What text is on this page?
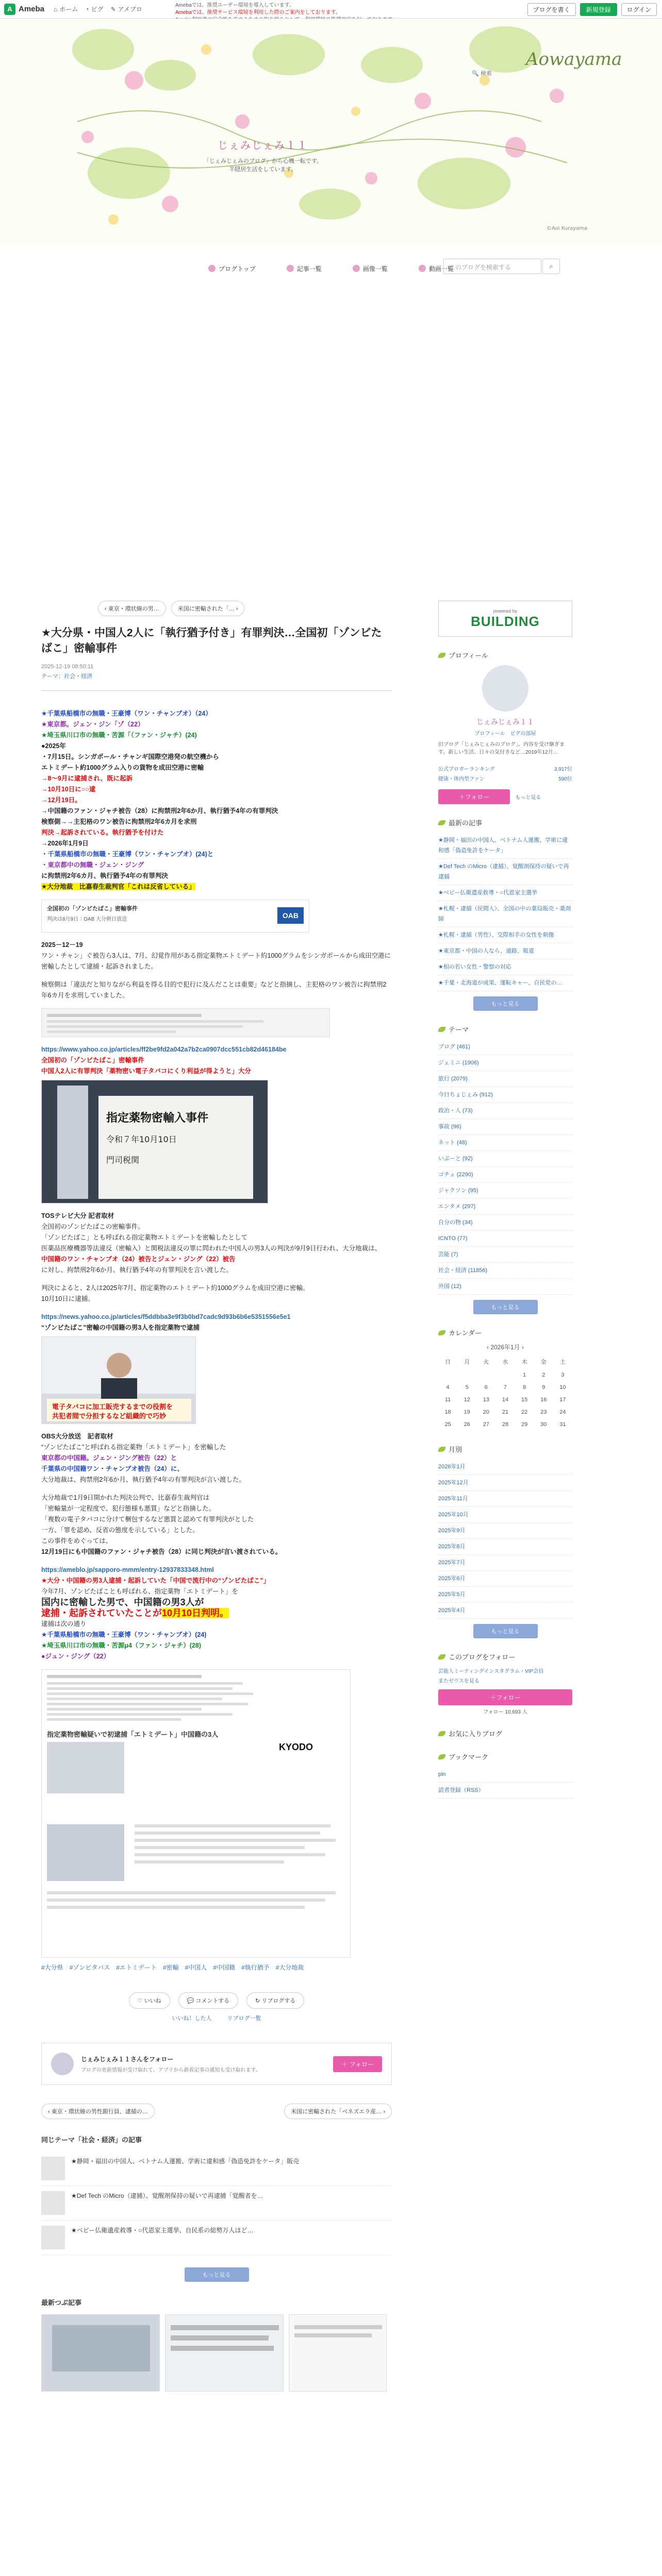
A Ameba ⌂ ホーム ◔ ピグ ✎ アメブロ
Amebaでは、推奨ユーザー環境を導入しています。
Amebaでは、推奨サービス環境を利用した際のご案内をしております。	ブログを書く	新規登録	ログイン
Aowayama
©Aoi Kurayama
🔍 検索
じぇみじぇみ１１
「じぇみじぇみのブログ」から心機一転です。
半隠居生活をしています。
ブログトップ	記事一覧	画像一覧	動画一覧
‹ 東京・環状線の男…	米国に密輸された「… ›
★大分県・中国人2人に「執行猶予付き」有罪判決…全国初「ゾンビたばこ」密輸事件
2025-12-19 08:50:11
テーマ：社会・経済

★千葉県船橋市の無職・王豪博（ワン・チャンブオ）（24）

★東京都。ジェン・ジン「ゾ（22）

★埼玉県川口市の無職・苦源「（ファン・ジャチ）(24)

●2025年

・7月15日。シンガポール・チャンギ国際空港発の航空機から

エトミデート約1000グラム入りの貨物を成田空港に密輸

→8～9月に逮捕され、既に起訴

→10月10日に○○逮

→12月19日。

→中国籍のファン・ジャチ被告（28）に拘禁刑2年6か月、執行猶予4年の有罪判決

検察側→→主犯格のワン被告に拘禁刑2年6カ月を求刑

判決→起訴されている。執行猶予を付けた

→2026年1月9日

・千葉県船橋市の無職・王豪博（ワン・チャンブオ）(24)と

・東京都中の無職・ジェン・ジング

に拘禁刑2年6カ月、執行猶予4年の有罪判決

★大分地裁　比嘉春生裁判官「これは反省している」

全国初の「ゾンビたばこ」密輸事件
判決は8月9日｜OAB 大分朝日放送	OAB

2025－12－19

ワン・チャン」ぐ被告ら3人は、7月、幻覚作用がある指定薬物エトミデート約1000グラムをシンガポールから成田空港に密輸したとして逮捕・起訴されました。

検察側は「違法だと知りながら利益を得る目的で犯行に及んだことは重要」などと指摘し、主犯格のワン被告に拘禁刑2年6カ月を求刑していました。

https://www.yahoo.co.jp/articles/ff2be9fd2a042a7b2ca0907dcc551cb82d46184be

全国初の「ゾンビたばこ」密輸事件

中国人2人に有罪判決「薬物密い電子タバコにくり利益が得ようと」大分

指定薬物密輸入事件
令和７年10月10日
門司税関

TOSテレビ大分 記者取材

全国初のゾンビたばこの密輸事件。

「ゾンビたばこ」とも呼ばれる指定薬物エトミデートを密輸したとして

医薬品医療機器等法違反（密輸入）と関税法違反の罪に問われた中国人の男3人の判決が9月9日行われ、大分地裁は、

中国籍のワン・チャンブオ（24）被告とジェン・ジング（22）被告

に対し、拘禁刑2年6か月、執行猶予4年の有罪判決を言い渡した。

判決によると、2人は2025年7月、指定薬物のエトミデート約1000グラムを成田空港に密輸。

10月10日に逮捕。

https://news.yahoo.co.jp/articles/f5ddbba3e9f3b0bd7cadc9d93b6b6e5351556e5e1

“ゾンビたばこ”密輸の中国籍の男3人を指定薬物で逮捕

電子タバコに加工販売するまでの役割を
共犯者間で分担するなど組織的で巧妙

OBS大分放送　記者取材

“ゾンビたばこ”と呼ばれる指定薬物「エトミデート」を密輸した

東京都の中国籍。ジェン・ジング被告（22）と

千葉県の中国籍ワン・チャンブオ被告（24）に、

大分地裁は、拘禁刑2年6か月、執行猶予4年の有罪判決が言い渡した。

大分地裁で1月9日開かれた判決公判で、比嘉春生裁判官は

「密輸量が一定程度で、犯行態様も悪質」などと指摘した。

「複数の電子タバコに分けて梱包するなど悪質と認めて有罪判決がとした

一方、「罪を認め、反省の態度を示している」とした。

この事件をめぐっては、

12月19日にも中国籍のファン・ジャチ被告（28）に同じ判決が言い渡されている。

https://ameblo.jp/sapporo-mmm/entry-12937833348.html

★大分・中国籍の男3人逮捕・起訴していた「中国で流行中の“ゾンビたばこ”」

今年7月、ゾンビたばことも呼ばれる、指定薬物「エトミデート」を

国内に密輸した男で、中国籍の男3人が

逮捕・起訴されていたことが10月10日判明。

逮捕は次の通り

★千葉県船橋市の無職・王豪博（ワン・チャンブオ）(24)

★埼玉県川口市の無職・苦源μ4（ファン・ジャチ）(28)

●ジュン・ジング（22）

指定薬物密輸疑いで初逮捕「エトミデート」中国籍の3人
KYODO
#大分県 #ゾンビタバス #エトミデート #密輸 #中国人 #中国籍 #執行猶予 #大分地裁
♡ いいね	💬 コメントする	↻ リブログする
いいね！した人	リブログ一覧
じぇみじぇみ１１さんをフォロー
ブログの更新情報が受け取れて、アプリから新着記事の通知も受け取れます。
＋ フォロー
‹ 東京・環状線の男性銀行員、逮捕の…	米国に密輸された「ベネズエラ産… ›
同じテーマ「社会・経済」の記事
★静岡・福田の中国人、ベトナム人運搬、学術に違和感「偽造免許をケータ」販売
★Def Tech のMicro（逮捕）、覚醒剤保持の疑いで再逮捕「覚醒者を…
★ベビー仏衛遺産救導・○代恩家主選挙、自民系の総勢万人ほど…
もっと見る
最新つぶ記事
このブログを検索する	⌕
powered by
BUILDING
プロフィール
じぇみじぇみ１１
プロフィール　ピグの部屋
旧ブログ「じぇみじぇみのブログ」。内容を受け継ぎます。新しい生活、日々の気付きなど…2019年12月…
公式ブロガーランキング	3,917位
健康・体内型ファン	590位
＋フォロー	もっと見る
最新の記事
★静岡・福田の中国人、ベトナム人運搬、学術に違和感「偽造免許をケータ」
★Def Tech のMicro（逮捕）、覚醒剤保持の疑いで再逮捕
★ベビー仏衛遺産救導・○代恩家主選挙
★札幌・逮捕（民間人）、全国の中の薬局販売・薬剤師
★札幌・逮捕（男性）、交際相手の女性を刺傷
★東京都・中国の人なら、通路、報道
★相の若い女性・警察の対応
★千葉・北海道が成果、運転キャー、自民党の…
もっと見る
テーマ
ブログ (461)
ジェミニ (1906)
旅行 (2079)
今日ちょじぇみ (912)
政治・人 (73)
事故 (96)
ネット (48)
いぶーと (92)
ゴチュ (2290)
ジャクソン (95)
エンタメ (297)
自分の物 (34)
ICNTO (77)
芸能 (7)
社会・経済 (11856)
外国 (12)
もっと見る
カレンダー
‹ 2026年1月 ›
日	月	火	水	木	金	土
				1	2	3
4	5	6	7	8	9	10
11	12	13	14	15	16	17
18	19	20	21	22	23	24
25	26	27	28	29	30	31
月別
2026年1月
2025年12月
2025年11月
2025年10月
2025年9月
2025年8月
2025年7月
2025年6月
2025年5月
2025年4月
もっと見る
このブログをフォロー
芸能人ミーティングインスタグラム・VIP会員
またゼウスを見る
＋フォロー
フォロー 10,693 人
お気に入りブログ
ブックマーク
pin
読者登録（RSS）
